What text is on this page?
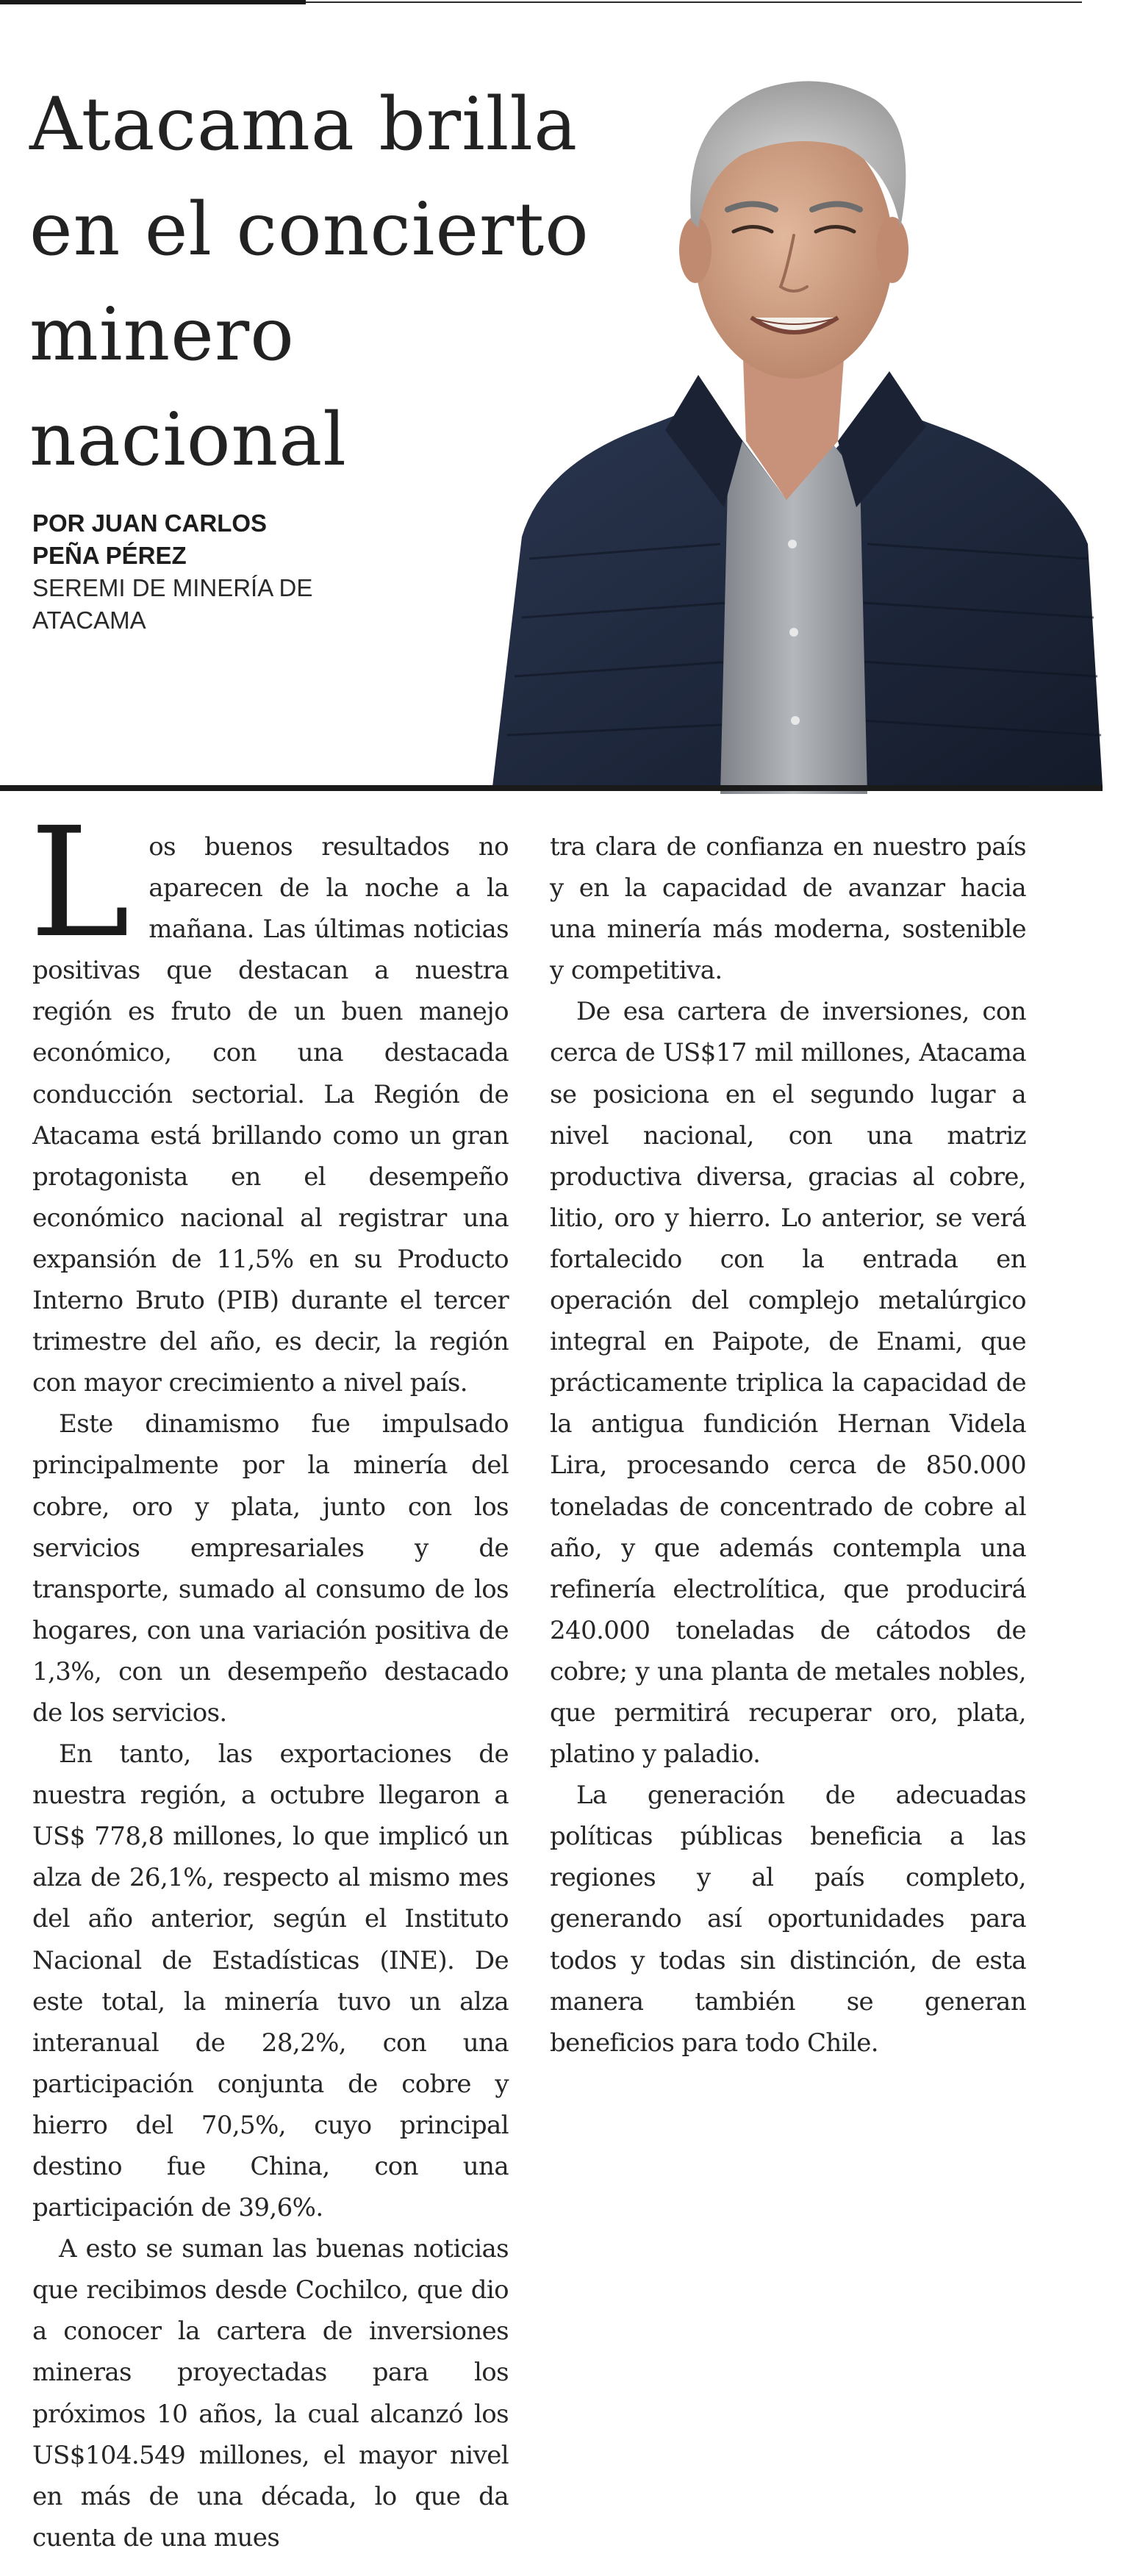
Atacama brilla
en el concierto
minero
nacional
POR JUAN CARLOS
PEÑA PÉREZ
SEREMI DE MINERÍA DE
ATACAMA

Los buenos resultados no aparecen de la noche a la mañana. Las últimas noticias positivas que destacan a nuestra región es fruto de un buen manejo económico, con una destacada conducción sectorial. La Región de Atacama está brillando como un gran protagonista en el desempeño económico nacional al registrar una expansión de 11,5% en su Producto Interno Bruto (PIB) durante el tercer trimestre del año, es decir, la región con mayor crecimiento a nivel país.

Este dinamismo fue impulsado principalmente por la minería del cobre, oro y plata, junto con los servicios empresariales y de transporte, sumado al consumo de los hogares, con una variación positiva de 1,3%, con un desempeño destacado de los servicios.

En tanto, las exportaciones de nuestra región, a octubre llegaron a US$ 778,8 millones, lo que implicó un alza de 26,1%, respecto al mismo mes del año anterior, según el Instituto Nacional de Estadísticas (INE). De este total, la minería tuvo un alza interanual de 28,2%, con una participación conjunta de cobre y hierro del 70,5%, cuyo principal destino fue China, con una participación de 39,6%.

A esto se suman las buenas noticias que recibimos desde Cochilco, que dio a conocer la cartera de inversiones mineras proyectadas para los próximos 10 años, la cual alcanzó los US$104.549 millones, el mayor nivel en más de una década, lo que da cuenta de una mues

tra clara de confianza en nuestro país y en la capacidad de avanzar hacia una minería más moderna, sostenible y competitiva.

De esa cartera de inversiones, con cerca de US$17 mil millones, Atacama se posiciona en el segundo lugar a nivel nacional, con una matriz productiva diversa, gracias al cobre, litio, oro y hierro. Lo anterior, se verá fortalecido con la entrada en operación del complejo metalúrgico integral en Paipote, de Enami, que prácticamente triplica la capacidad de la antigua fundición Hernan Videla Lira, procesando cerca de 850.000 toneladas de concentrado de cobre al año, y que además contempla una refinería electrolítica, que producirá 240.000 toneladas de cátodos de cobre; y una planta de metales nobles, que permitirá recuperar oro, plata, platino y paladio.

La generación de adecuadas políticas públicas beneficia a las regiones y al país completo, generando así oportunidades para todos y todas sin distinción, de esta manera también se generan beneficios para todo Chile.
